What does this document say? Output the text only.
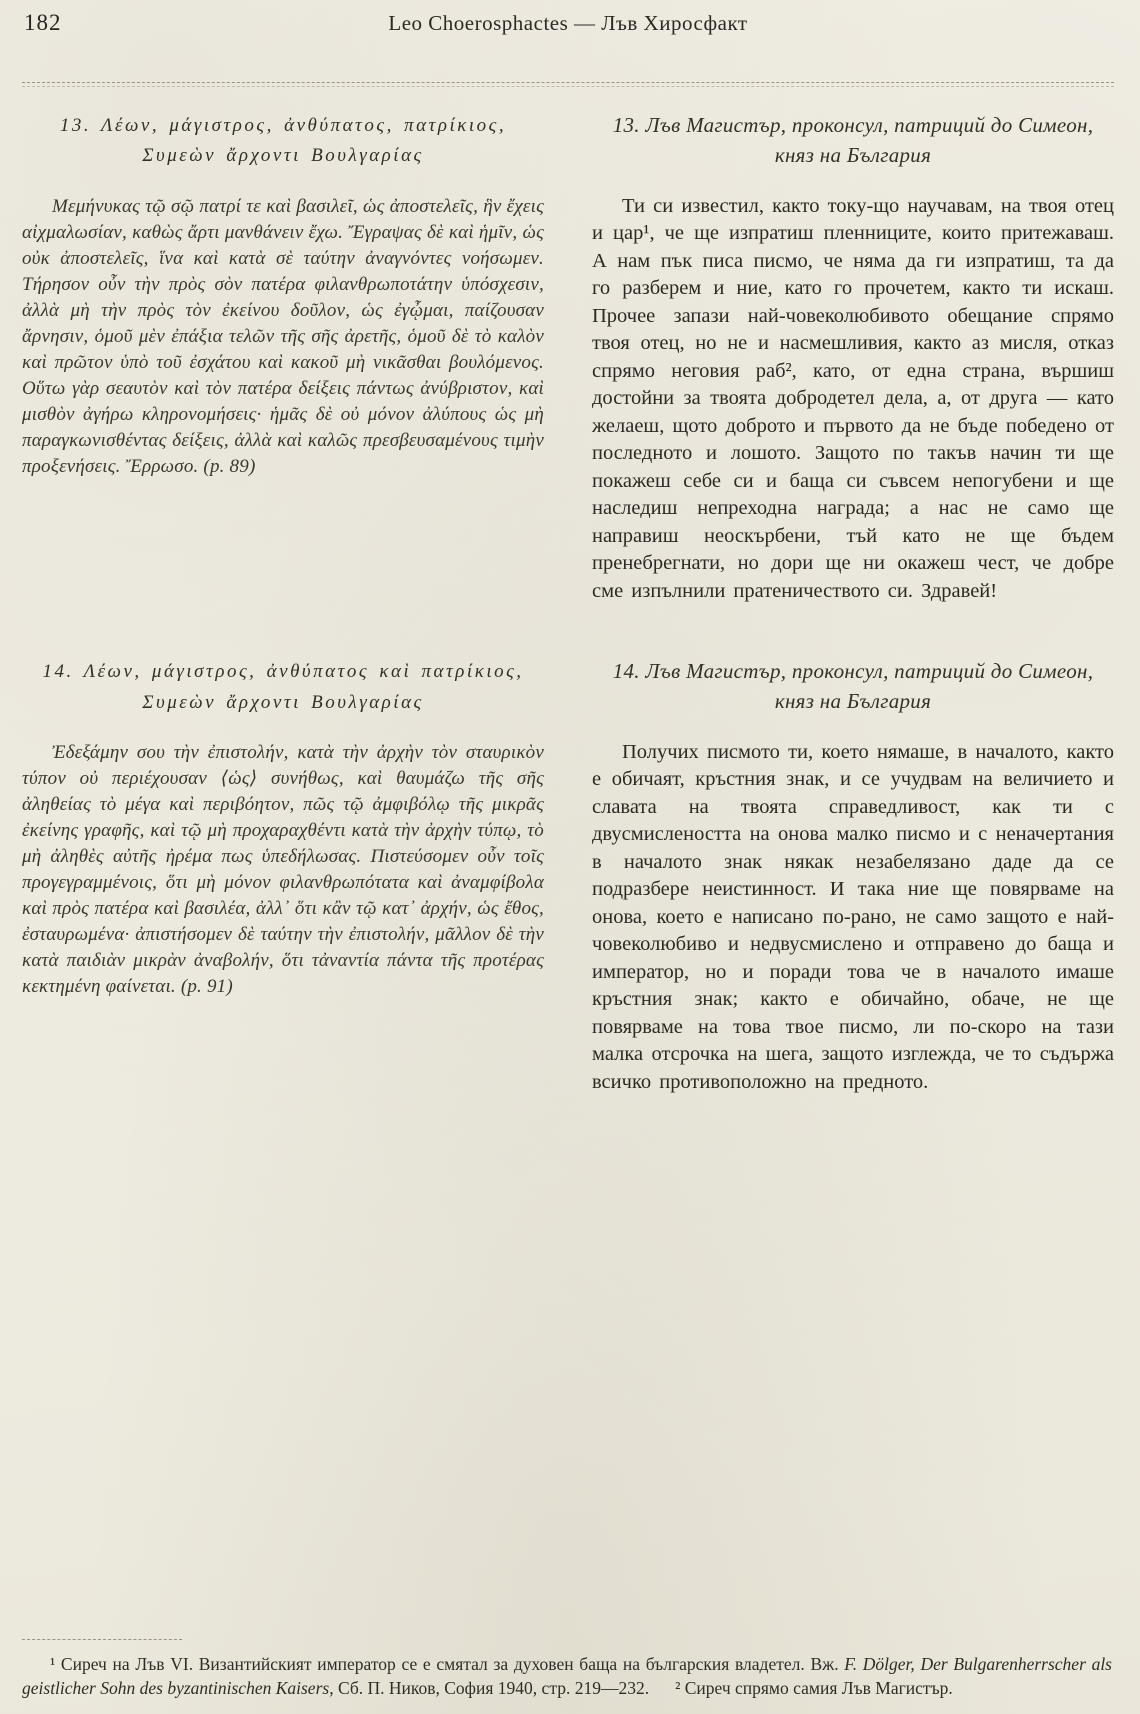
182	Leo Choerosphactes — Лъв Хиросфакт
13. Λέων, μάγιστρος, ἀνθύπατος, πατρίκιος, Συμεὼν ἄρχοντι Βουλγαρίας

Μεμήνυκας τῷ σῷ πατρί τε καὶ βασιλεῖ, ὡς ἀποστελεῖς, ἣν ἔχεις αἰχμαλωσίαν, καθὼς ἄρτι μανθάνειν ἔχω. Ἔγραψας δὲ καὶ ἡμῖν, ὡς οὐκ ἀποστελεῖς, ἵνα καὶ κατὰ σὲ ταύτην ἀναγνόντες νοήσωμεν. Τήρησον οὖν τὴν πρὸς σὸν πατέρα φιλανθρωποτάτην ὑπόσχεσιν, ἀλλὰ μὴ τὴν πρὸς τὸν ἐκείνου δοῦλον, ὡς ἐγᾦμαι, παίζουσαν ἄρνησιν, ὁμοῦ μὲν ἐπάξια τελῶν τῆς σῆς ἀρετῆς, ὁμοῦ δὲ τὸ καλὸν καὶ πρῶτον ὑπὸ τοῦ ἐσχάτου καὶ κακοῦ μὴ νικᾶσθαι βουλόμενος. Οὕτω γὰρ σεαυτὸν καὶ τὸν πατέρα δείξεις πάντως ἀνύβριστον, καὶ μισθὸν ἀγήρω κληρονομήσεις· ἡμᾶς δὲ οὐ μόνον ἀλύπους ὡς μὴ παραγκωνισθέντας δείξεις, ἀλλὰ καὶ καλῶς πρεσβευσαμένους τιμὴν προξενήσεις. Ἔρρωσο. (p. 89)

13. Лъв Магистър, проконсул, патриций до Симеон, княз на България

Ти си известил, както току-що научавам, на твоя отец и цар¹, че ще изпратиш пленниците, които притежаваш. А нам пък писа писмо, че няма да ги изпратиш, та да го разберем и ние, като го прочетем, както ти искаш. Прочее запази най-човеколюбивото обещание спрямо твоя отец, но не и насмешливия, както аз мисля, отказ спрямо неговия раб², като, от една страна, вършиш достойни за твоята добродетел дела, а, от друга — като желаеш, щото доброто и първото да не бъде победено от последното и лошото. Защото по такъв начин ти ще покажеш себе си и баща си съвсем непогубени и ще наследиш непреходна награда; а нас не само ще направиш неоскърбени, тъй като не ще бъдем пренебрегнати, но дори ще ни окажеш чест, че добре сме изпълнили пратеничеството си. Здравей!

14. Λέων, μάγιστρος, ἀνθύπατος καὶ πατρίκιος, Συμεὼν ἄρχοντι Βουλγαρίας

Ἐδεξάμην σου τὴν ἐπιστολήν, κατὰ τὴν ἀρχὴν τὸν σταυρικὸν τύπον οὐ περιέχουσαν ⟨ὡς⟩ συνήθως, καὶ θαυμάζω τῆς σῆς ἀληθείας τὸ μέγα καὶ περιβόητον, πῶς τῷ ἀμφιβόλῳ τῆς μικρᾶς ἐκείνης γραφῆς, καὶ τῷ μὴ προχαραχθέντι κατὰ τὴν ἀρχὴν τύπῳ, τὸ μὴ ἀληθὲς αὐτῆς ἠρέμα πως ὑπεδήλωσας. Πιστεύσομεν οὖν τοῖς προγεγραμμένοις, ὅτι μὴ μόνον φιλανθρωπότατα καὶ ἀναμφίβολα καὶ πρὸς πατέρα καὶ βασιλέα, ἀλλ᾽ ὅτι κἂν τῷ κατ᾽ ἀρχήν, ὡς ἔθος, ἐσταυρωμένα· ἀπιστήσομεν δὲ ταύτην τὴν ἐπιστολήν, μᾶλλον δὲ τὴν κατὰ παιδιὰν μικρὰν ἀναβολήν, ὅτι τἀναντία πάντα τῆς προτέρας κεκτημένη φαίνεται. (p. 91)

14. Лъв Магистър, проконсул, патриций до Симеон, княз на България

Получих писмото ти, което нямаше, в началото, както е обичаят, кръстния знак, и се учудвам на величието и славата на твоята справедливост, как ти с двусмислеността на онова малко писмо и с неначертания в началото знак някак незабелязано даде да се подразбере неистинност. И така ние ще повярваме на онова, което е написано по-рано, не само защото е най-човеколюбиво и недвусмислено и отправено до баща и император, но и поради това че в началото имаше кръстния знак; както е обичайно, обаче, не ще повярваме на това твое писмо, ли по-скоро на тази малка отсрочка на шега, защото изглежда, че то съдържа всичко противоположно на предното.

¹ Сиреч на Лъв VI. Византийският император се е смятал за духовен баща на българския владетел. Вж. F. Dölger, Der Bulgarenherrscher als geistlicher Sohn des byzantinischen Kaisers, Сб. П. Ников, София 1940, стр. 219—232. ² Сиреч спрямо самия Лъв Магистър.
